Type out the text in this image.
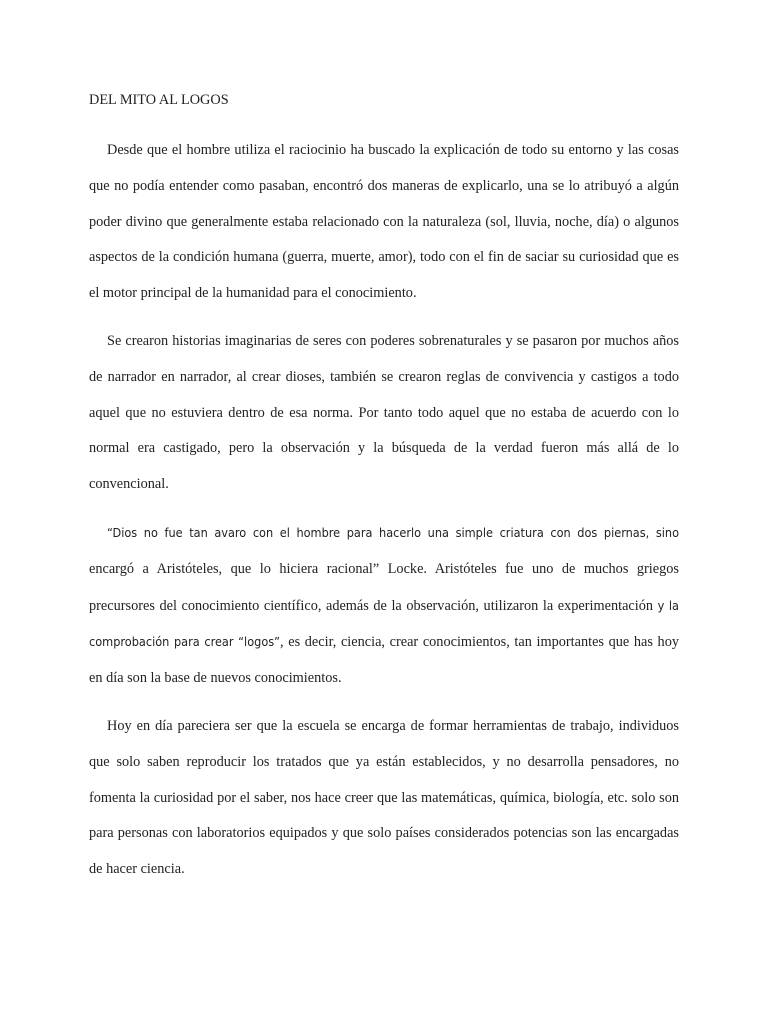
DEL MITO AL LOGOS

Desde que el hombre utiliza el raciocinio ha buscado la explicación de todo su entorno y las cosas que no podía entender como pasaban, encontró dos maneras de explicarlo, una se lo atribuyó a algún poder divino que generalmente estaba relacionado con la naturaleza (sol, lluvia, noche, día) o algunos aspectos de la condición humana (guerra, muerte, amor), todo con el fin de saciar su curiosidad que es el motor principal de la humanidad para el conocimiento.

Se crearon historias imaginarias de seres con poderes sobrenaturales y se pasaron por muchos años de narrador en narrador, al crear dioses, también se crearon reglas de convivencia y castigos a todo aquel que no estuviera dentro de esa norma. Por tanto todo aquel que no estaba de acuerdo con lo normal era castigado, pero la observación y la búsqueda de la verdad fueron más allá de lo convencional.

“Dios no fue tan avaro con el hombre para hacerlo una simple criatura con dos piernas, sino encargó a Aristóteles, que lo hiciera racional” Locke. Aristóteles fue uno de muchos griegos precursores del conocimiento científico, además de la observación, utilizaron la experimentación y la comprobación para crear “logos”, es decir, ciencia, crear conocimientos, tan importantes que has hoy en día son la base de nuevos conocimientos.

Hoy en día pareciera ser que la escuela se encarga de formar herramientas de trabajo, individuos que solo saben reproducir los tratados que ya están establecidos, y no desarrolla pensadores, no fomenta la curiosidad por el saber, nos hace creer que las matemáticas, química, biología, etc. solo son para personas con laboratorios equipados y que solo países considerados potencias son las encargadas de hacer ciencia.
